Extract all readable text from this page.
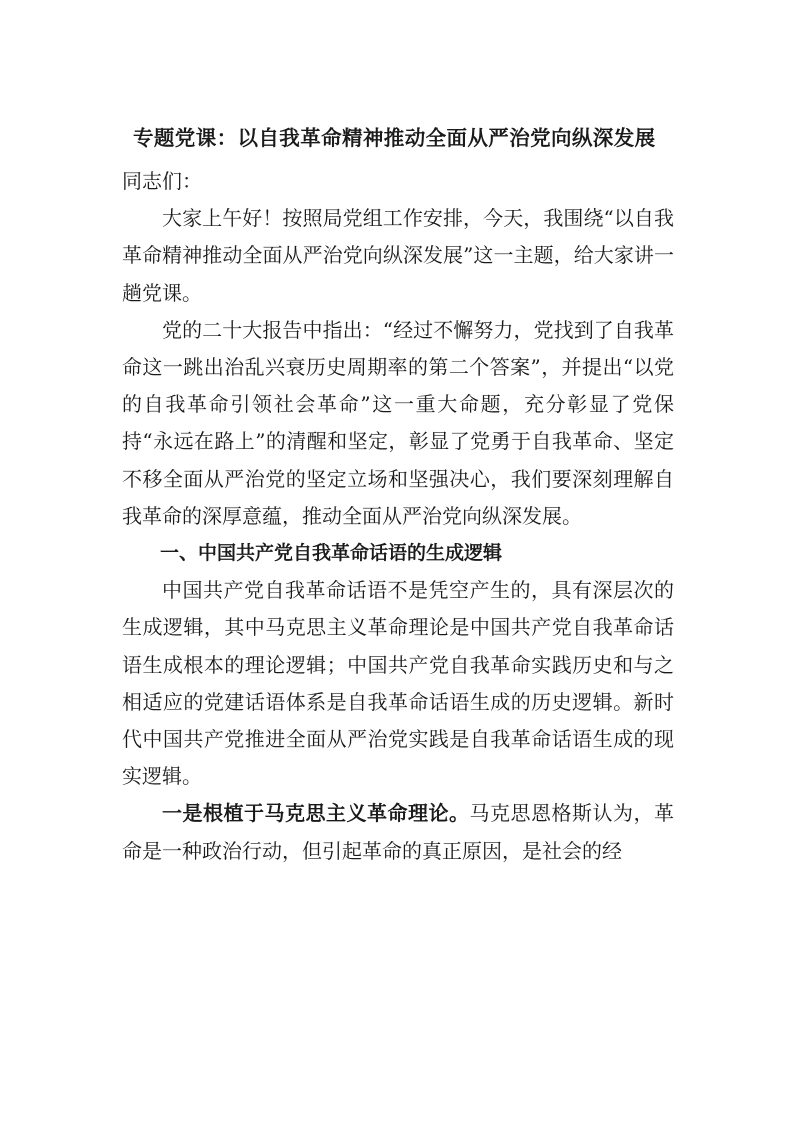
专题党课：以自我革命精神推动全面从严治党向纵深发展

同志们：

大家上午好！按照局党组工作安排，今天，我围绕“以自我革命精神推动全面从严治党向纵深发展”这一主题，给大家讲一趟党课。

党的二十大报告中指出：“经过不懈努力，党找到了自我革命这一跳出治乱兴衰历史周期率的第二个答案”，并提出“以党的自我革命引领社会革命”这一重大命题，充分彰显了党保持“永远在路上”的清醒和坚定，彰显了党勇于自我革命、坚定不移全面从严治党的坚定立场和坚强决心，我们要深刻理解自我革命的深厚意蕴，推动全面从严治党向纵深发展。

一、中国共产党自我革命话语的生成逻辑

中国共产党自我革命话语不是凭空产生的，具有深层次的生成逻辑，其中马克思主义革命理论是中国共产党自我革命话语生成根本的理论逻辑；中国共产党自我革命实践历史和与之相适应的党建话语体系是自我革命话语生成的历史逻辑。新时代中国共产党推进全面从严治党实践是自我革命话语生成的现实逻辑。

一是根植于马克思主义革命理论。马克思恩格斯认为，革命是一种政治行动，但引起革命的真正原因，是社会的经
